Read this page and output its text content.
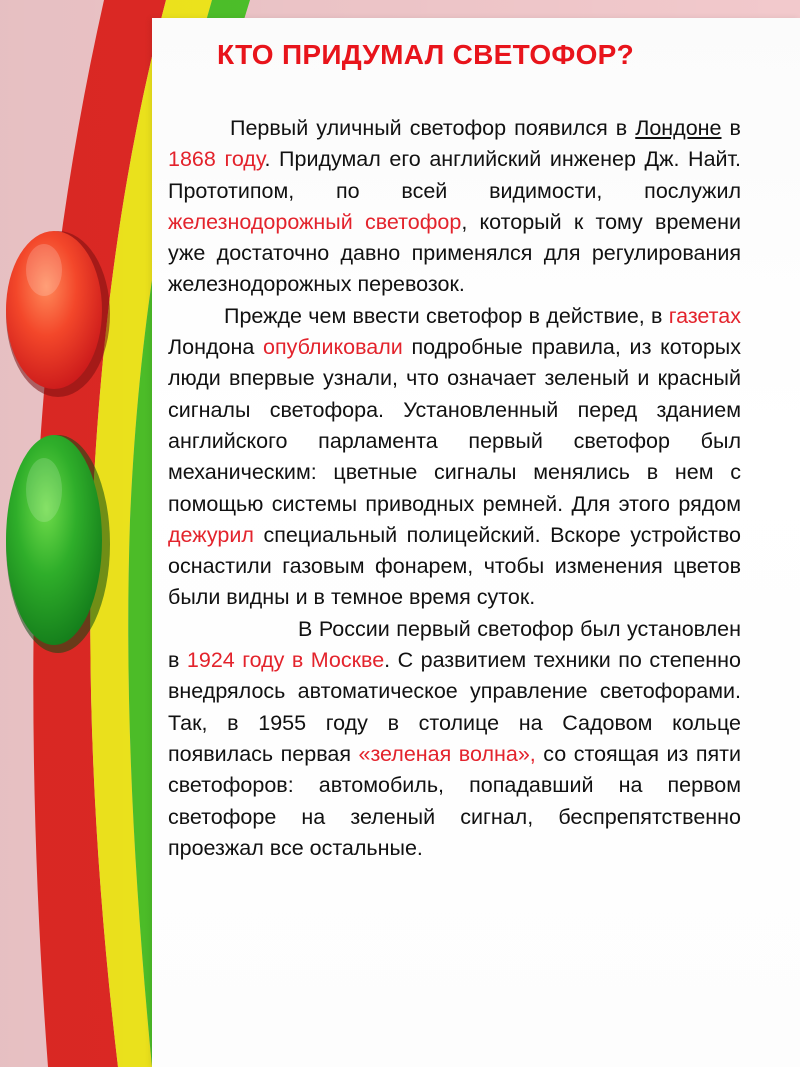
КТО ПРИДУМАЛ СВЕТОФОР?

Первый уличный светофор появился в Лондоне в 1868 году. Придумал его английский инженер Дж. Найт. Прототипом, по всей видимости, послужил железнодорожный светофор, который к тому времени уже достаточно давно применялся для регулирования железнодорожных перевозок.

Прежде чем ввести светофор в действие, в газетах Лондона опубликовали подробные правила, из которых люди впервые узнали, что означает зеленый и красный сигналы светофора. Установленный перед зданием английского парламента первый светофор был механическим: цветные сигналы менялись в нем с помощью системы приводных ремней. Для этого рядом дежурил специальный полицейский. Вскоре устройство оснастили газовым фонарем, чтобы изменения цветов были видны и в темное время суток.

В России первый светофор был установлен в 1924 году в Москве. С развитием техники по степенно внедрялось автоматическое управление светофорами. Так, в 1955 году в столице на Садовом кольце появилась первая «зеленая волна», со стоящая из пяти светофоров: автомобиль, попадавший на первом светофоре на зеленый сигнал, беспрепятственно проезжал все остальные.
